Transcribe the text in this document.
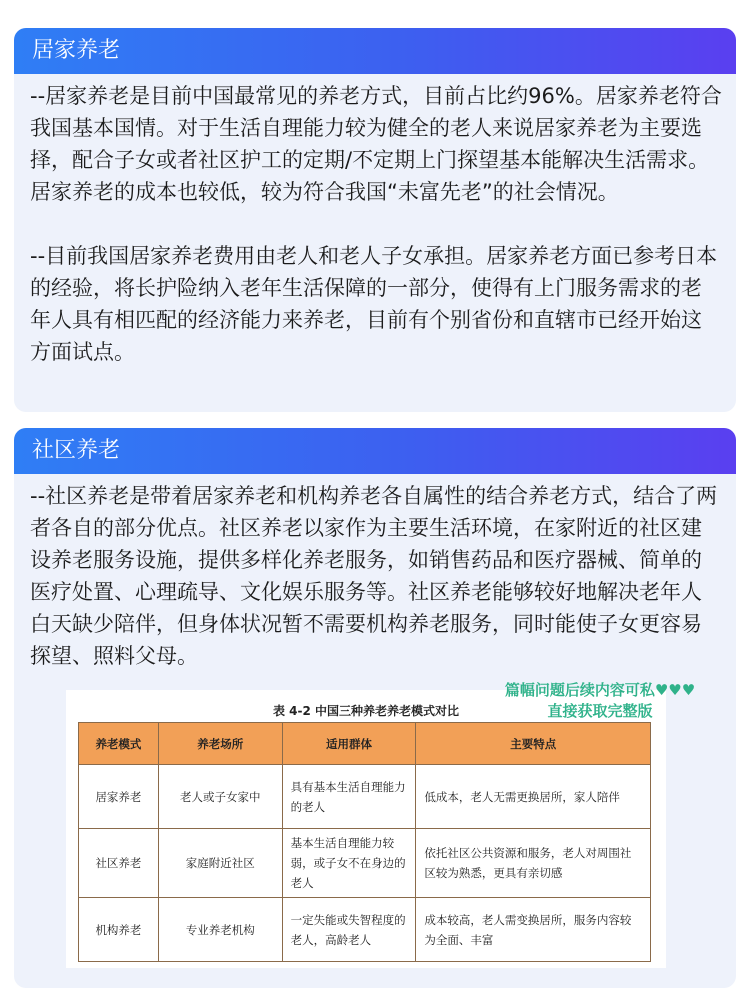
居家养老

--居家养老是目前中国最常见的养老方式，目前占比约96%。居家养老符合我国基本国情。对于生活自理能力较为健全的老人来说居家养老为主要选择，配合子女或者社区护工的定期/不定期上门探望基本能解决生活需求。居家养老的成本也较低，较为符合我国“未富先老”的社会情况。

--目前我国居家养老费用由老人和老人子女承担。居家养老方面已参考日本的经验，将长护险纳入老年生活保障的一部分，使得有上门服务需求的老年人具有相匹配的经济能力来养老，目前有个别省份和直辖市已经开始这方面试点。

社区养老

--社区养老是带着居家养老和机构养老各自属性的结合养老方式，结合了两者各自的部分优点。社区养老以家作为主要生活环境，在家附近的社区建设养老服务设施，提供多样化养老服务，如销售药品和医疗器械、简单的医疗处置、心理疏导、文化娱乐服务等。社区养老能够较好地解决老年人白天缺少陪伴，但身体状况暂不需要机构养老服务，同时能使子女更容易探望、照料父母。

表 4-2 中国三种养老养老模式对比
养老模式	养老场所	适用群体	主要特点
居家养老	老人或子女家中	具有基本生活自理能力的老人	低成本，老人无需更换居所，家人陪伴
社区养老	家庭附近社区	基本生活自理能力较弱，或子女不在身边的老人	依托社区公共资源和服务，老人对周围社区较为熟悉，更具有亲切感
机构养老	专业养老机构	一定失能或失智程度的老人，高龄老人	成本较高，老人需变换居所，服务内容较为全面、丰富
篇幅问题后续内容可私♥♥♥
直接获取完整版
